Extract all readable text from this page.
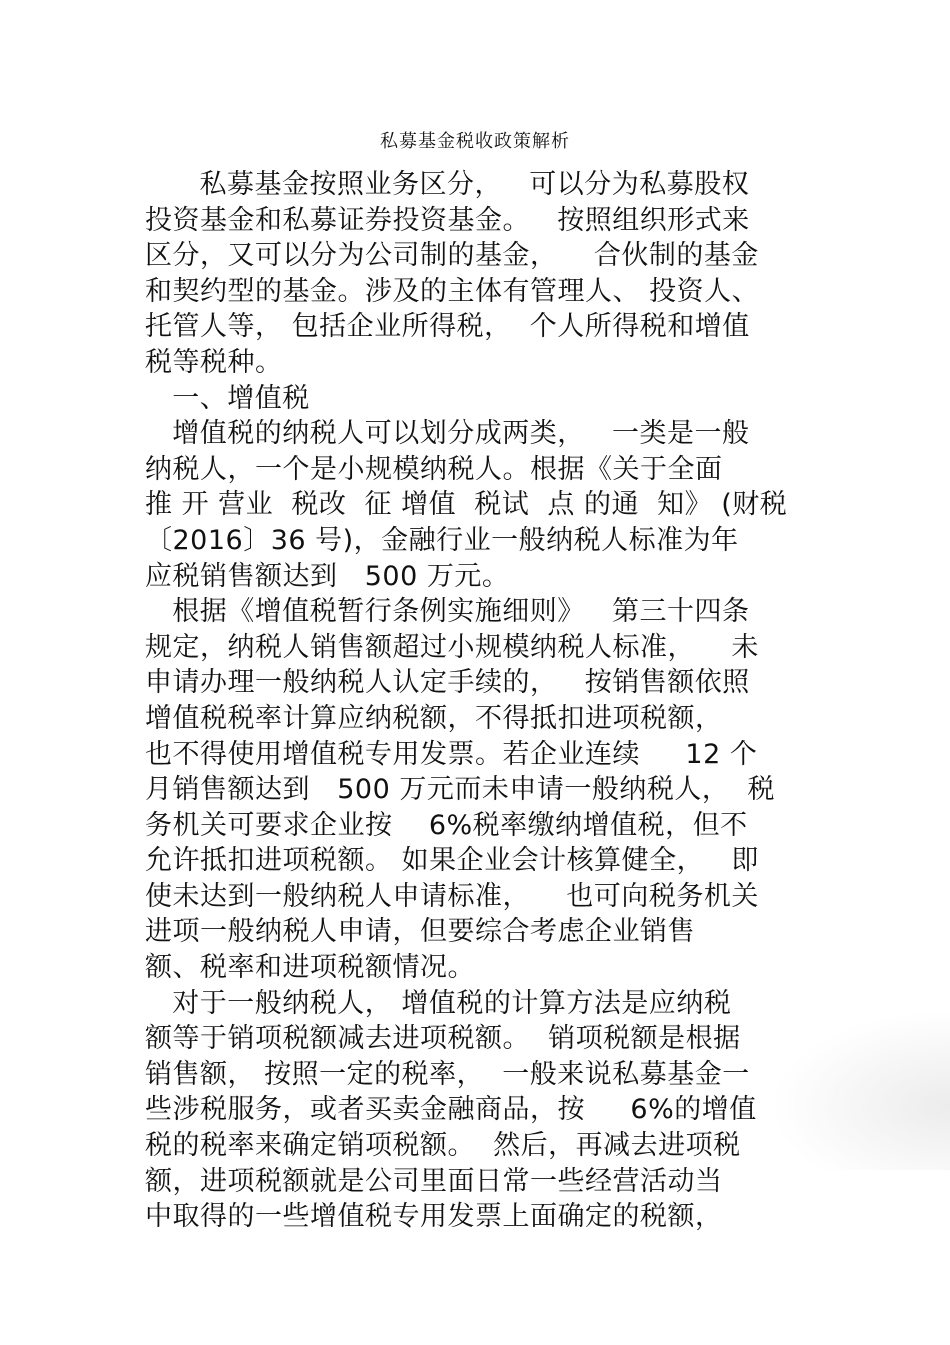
私募基金税收政策解析
私募基金按照业务区分，   可以分为私募股权
投资基金和私募证券投资基金。   按照组织形式来
区分，又可以分为公司制的基金，    合伙制的基金
和契约型的基金。涉及的主体有管理人、 投资人、
托管人等， 包括企业所得税，  个人所得税和增值
税等税种。
一、增值税
增值税的纳税人可以划分成两类，   一类是一般
纳税人，一个是小规模纳税人。根据《关于全面
推 开 营业  税改  征 增值  税试  点 的通  知》 (财税
〔2016〕36 号)，金融行业一般纳税人标准为年
应税销售额达到   500 万元。
根据《增值税暂行条例实施细则》   第三十四条
规定，纳税人销售额超过小规模纳税人标准，    未
申请办理一般纳税人认定手续的，   按销售额依照
增值税税率计算应纳税额，不得抵扣进项税额，
也不得使用增值税专用发票。若企业连续     12 个
月销售额达到   500 万元而未申请一般纳税人，  税
务机关可要求企业按    6%税率缴纳增值税，但不
允许抵扣进项税额。 如果企业会计核算健全，   即
使未达到一般纳税人申请标准，    也可向税务机关
进项一般纳税人申请，但要综合考虑企业销售
额、税率和进项税额情况。
对于一般纳税人， 增值税的计算方法是应纳税
额等于销项税额减去进项税额。  销项税额是根据
销售额， 按照一定的税率，  一般来说私募基金一
些涉税服务，或者买卖金融商品，按     6%的增值
税的税率来确定销项税额。  然后，再减去进项税
额，进项税额就是公司里面日常一些经营活动当
中取得的一些增值税专用发票上面确定的税额，
